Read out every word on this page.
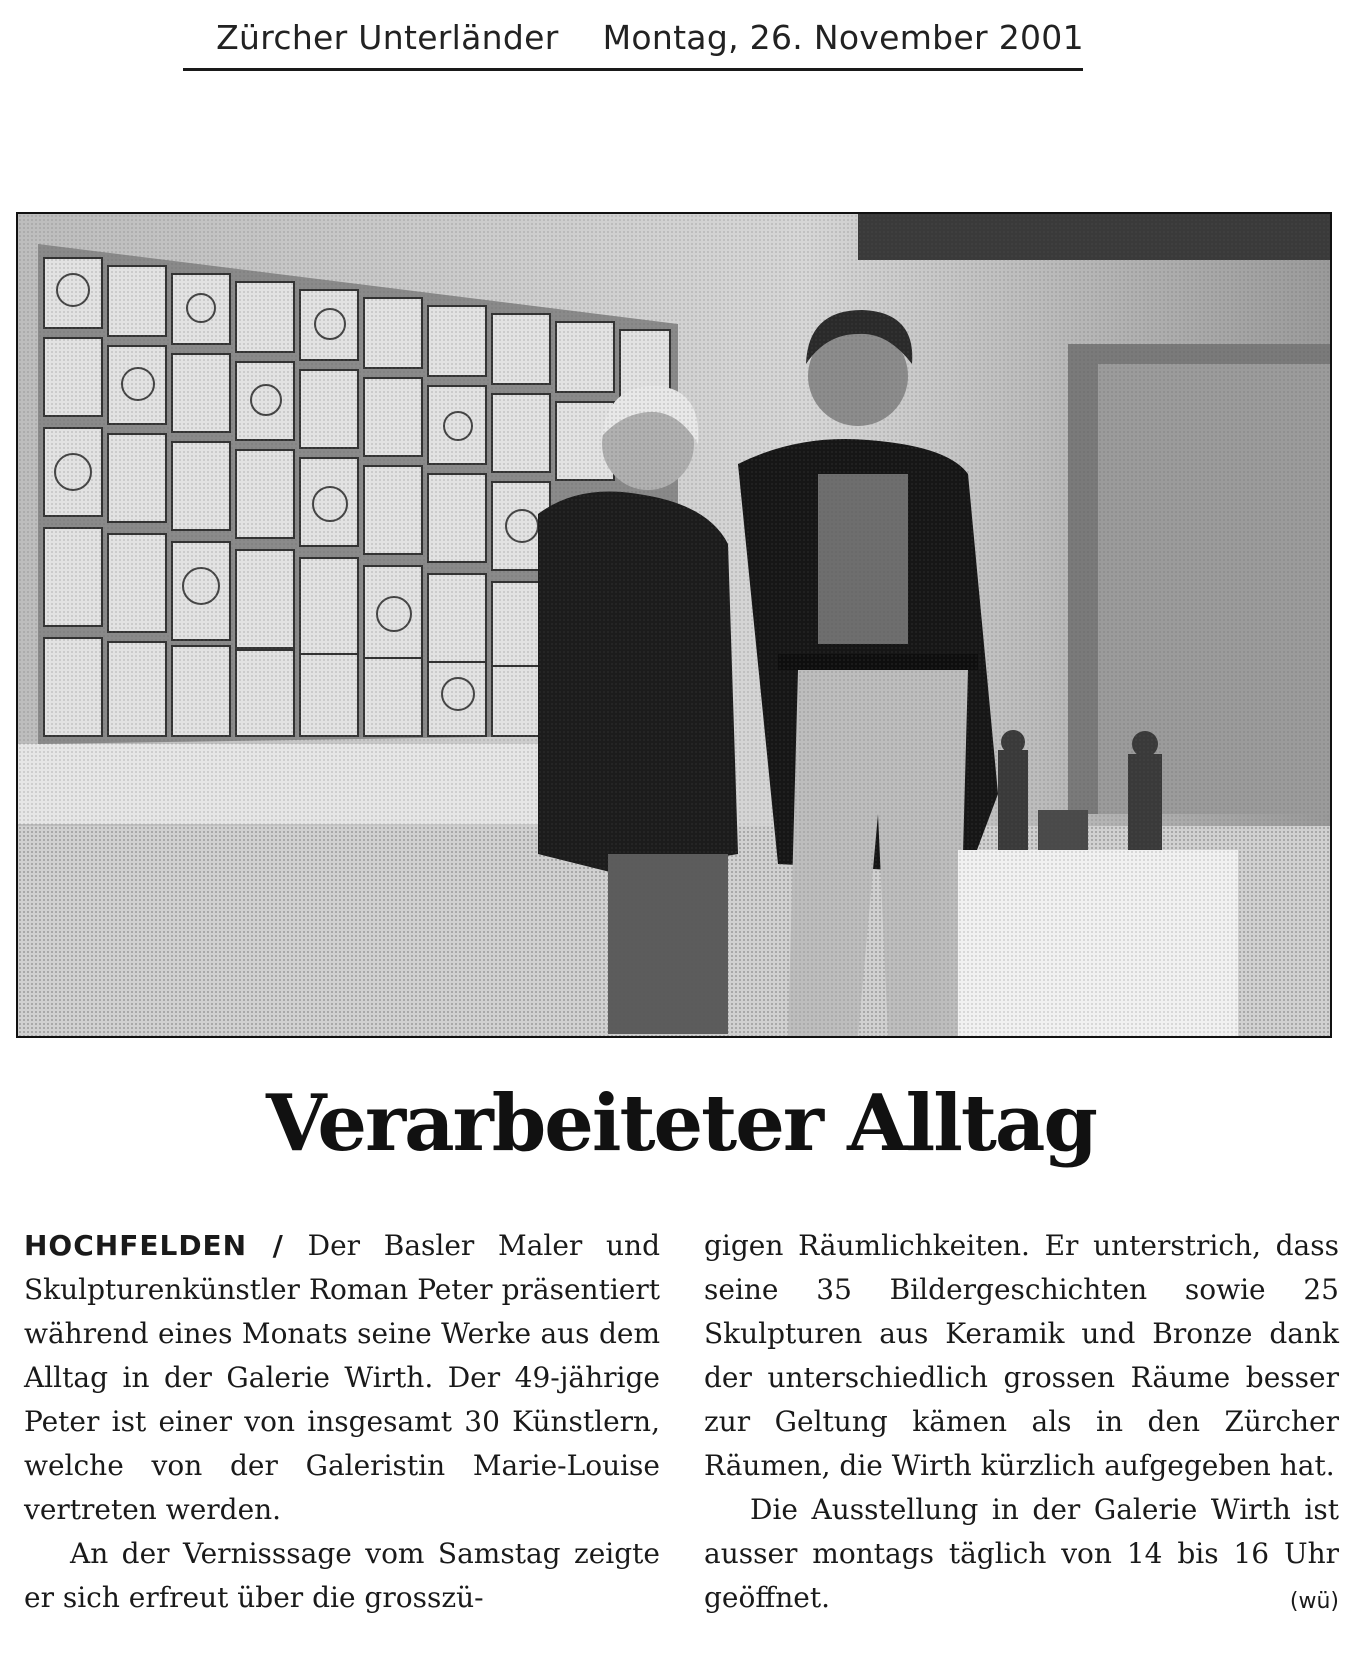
Zürcher Unterländer Montag, 26. November 2001
Verarbeiteter Alltag

HOCHFELDEN / Der Basler Maler und Skulpturenkünstler Roman Peter präsentiert während eines Monats seine Werke aus dem Alltag in der Galerie Wirth. Der 49-jährige Peter ist einer von insgesamt 30 Künstlern, welche von der Galeristin Marie-Louise vertreten werden.

An der Vernisssage vom Samstag zeigte er sich erfreut über die grosszü-

gigen Räumlichkeiten. Er unterstrich, dass seine 35 Bildergeschichten sowie 25 Skulpturen aus Keramik und Bronze dank der unterschiedlich grossen Räume besser zur Geltung kämen als in den Zürcher Räumen, die Wirth kürzlich aufgegeben hat.

Die Ausstellung in der Galerie Wirth ist ausser montags täglich von 14 bis 16 Uhr geöffnet.	(wü)
